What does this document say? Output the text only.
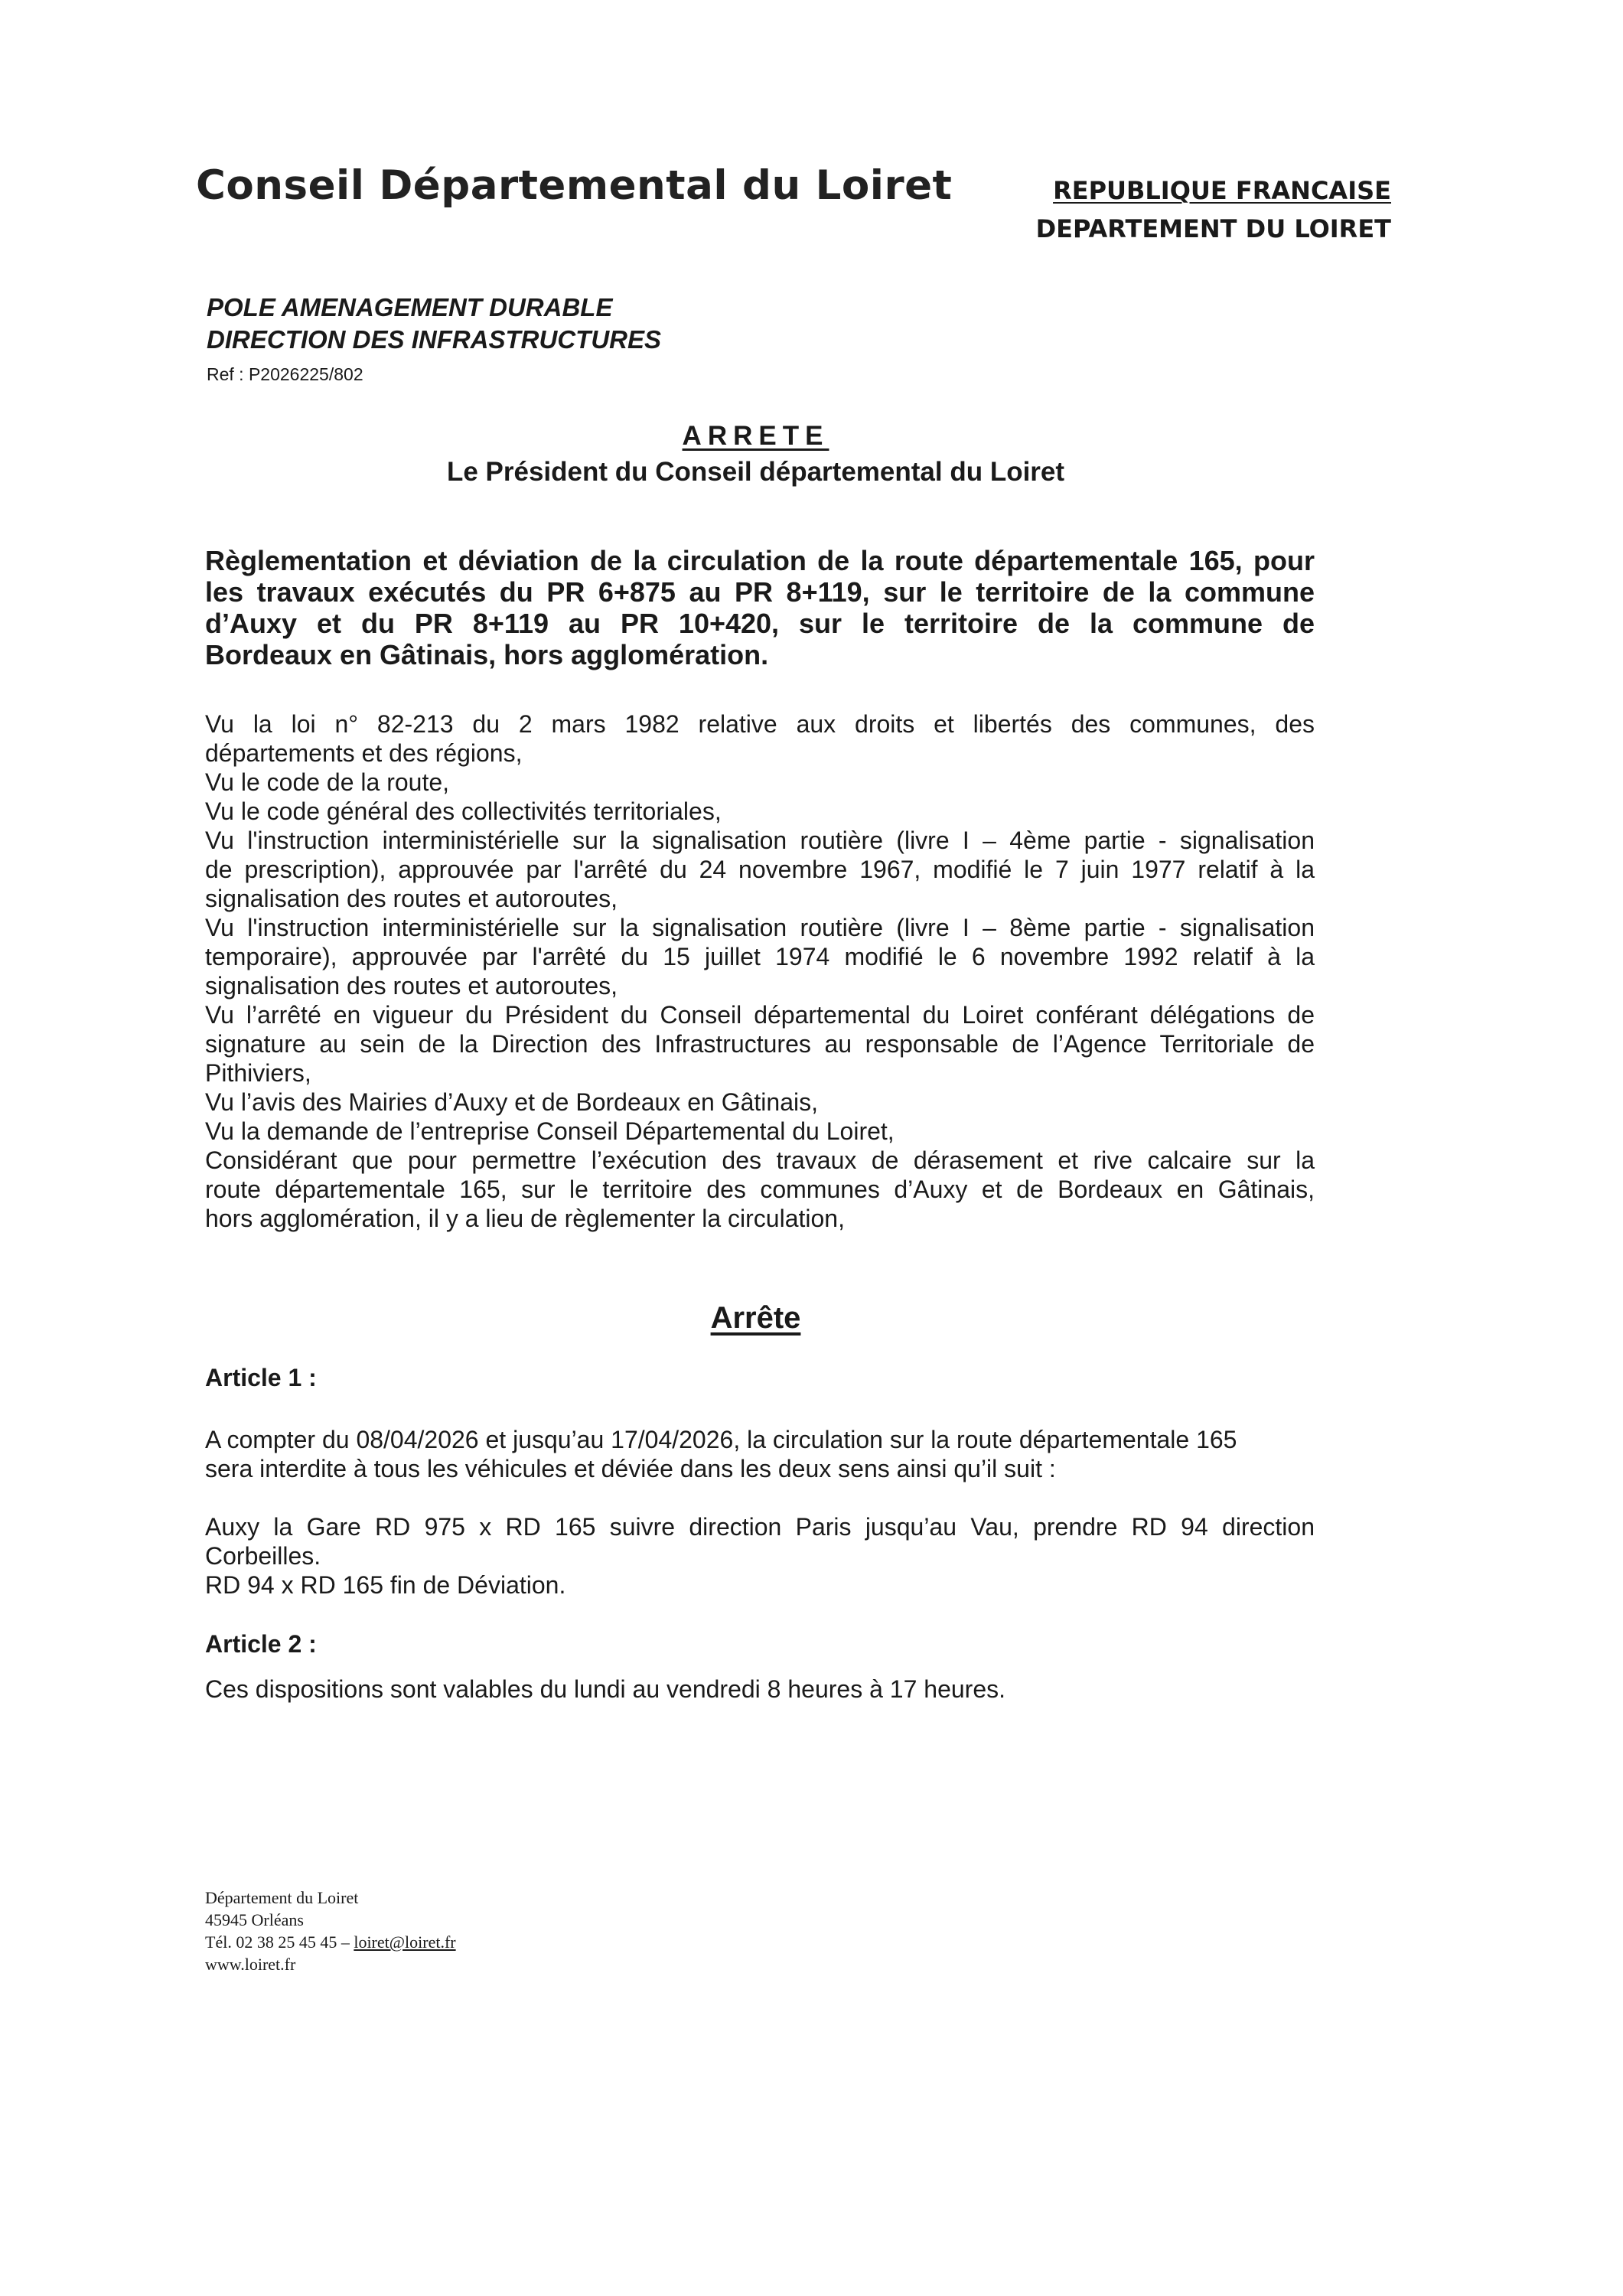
Conseil Départemental du Loiret	REPUBLIQUE FRANCAISE
DEPARTEMENT DU LOIRET
POLE AMENAGEMENT DURABLE
DIRECTION DES INFRASTRUCTURES
Ref : P2026225/802
ARRETE
Le Président du Conseil départemental du Loiret
Règlementation et déviation de la circulation de la route départementale 165, pour
les travaux exécutés du PR 6+875 au PR 8+119, sur le territoire de la commune
d’Auxy et du PR 8+119 au PR 10+420, sur le territoire de la commune de
Bordeaux en Gâtinais, hors agglomération.
Vu la loi n° 82-213 du 2 mars 1982 relative aux droits et libertés des communes, des
départements et des régions,
Vu le code de la route,
Vu le code général des collectivités territoriales,
Vu l'instruction interministérielle sur la signalisation routière (livre I – 4ème partie - signalisation
de prescription), approuvée par l'arrêté du 24 novembre 1967, modifié le 7 juin 1977 relatif à la
signalisation des routes et autoroutes,
Vu l'instruction interministérielle sur la signalisation routière (livre I – 8ème partie - signalisation
temporaire), approuvée par l'arrêté du 15 juillet 1974 modifié le 6 novembre 1992 relatif à la
signalisation des routes et autoroutes,
Vu l’arrêté en vigueur du Président du Conseil départemental du Loiret conférant délégations de
signature au sein de la Direction des Infrastructures au responsable de l’Agence Territoriale de
Pithiviers,
Vu l’avis des Mairies d’Auxy et de Bordeaux en Gâtinais,
Vu la demande de l’entreprise Conseil Départemental du Loiret,
Considérant que pour permettre l’exécution des travaux de dérasement et rive calcaire sur la
route départementale 165, sur le territoire des communes d’Auxy et de Bordeaux en Gâtinais,
hors agglomération, il y a lieu de règlementer la circulation,
Arrête
Article 1 :
A compter du 08/04/2026 et jusqu’au 17/04/2026, la circulation sur la route départementale 165
sera interdite à tous les véhicules et déviée dans les deux sens ainsi qu’il suit :
Auxy la Gare RD 975 x RD 165 suivre direction Paris jusqu’au Vau, prendre RD 94 direction
Corbeilles.
RD 94 x RD 165 fin de Déviation.
Article 2 :
Ces dispositions sont valables du lundi au vendredi 8 heures à 17 heures.
Département du Loiret
45945 Orléans
Tél. 02 38 25 45 45 – loiret@loiret.fr
www.loiret.fr
